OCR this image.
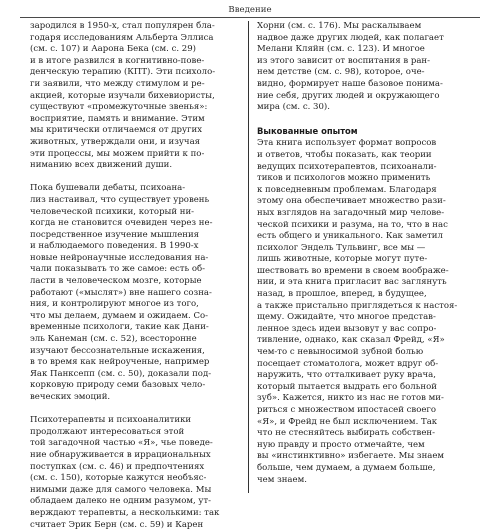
Введение
зародился в 1950-х, стал популярен бла-
годаря исследованиям Альберта Эллиса
(см. с. 107) и Аарона Бека (см. с. 29)
и в итоге развился в когнитивно-пове-
денческую терапию (КПТ). Эти психоло-
ги заявили, что между стимулом и ре-
акцией, которые изучали бихевиористы,
существуют «промежуточные звенья»:
восприятие, память и внимание. Этим
мы критически отличаемся от других
животных, утверждали они, и изучая
эти процессы, мы можем прийти к по-
ниманию всех движений души.
Пока бушевали дебаты, психоана-
лиз настаивал, что существует уровень
человеческой психики, который ни-
когда не становится очевиден через не-
посредственное изучение мышления
и наблюдаемого поведения. В 1990-х
новые нейронаучные исследования на-
чали показывать то же самое: есть об-
ласти в человеческом мозге, которые
работают («мыслят») вне нашего созна-
ния, и контролируют многое из того,
что мы делаем, думаем и ожидаем. Со-
временные психологи, такие как Дани-
эль Канеман (см. с. 52), всесторонне
изучают бессознательные искажения,
в то время как нейроученые, например
Яак Панксепп (см. с. 50), доказали под-
корковую природу семи базовых чело-
веческих эмоций.
Психотерапевты и психоаналитики
продолжают интересоваться этой
той загадочной частью «Я», чье поведе-
ние обнаруживается в иррациональных
поступках (см. с. 46) и предпочтениях
(см. с. 150), которые кажутся необъяс-
нимыми даже для самого человека. Мы
обладаем далеко не одним разумом, ут-
верждают терапевты, а несколькими: так
считает Эрик Берн (см. с. 59) и Карен
Хорни (см. с. 176). Мы раскалываем
надвое даже других людей, как полагает
Мелани Кляйн (см. с. 123). И многое
из этого зависит от воспитания в ран-
нем детстве (см. с. 98), которое, оче-
видно, формирует наше базовое понима-
ние себя, других людей и окружающего
мира (см. с. 30).
Выкованные опытом
Эта книга использует формат вопросов
и ответов, чтобы показать, как теории
ведущих психотерапевтов, психоанали-
тиков и психологов можно применить
к повседневным проблемам. Благодаря
этому она обеспечивает множество рази-
ных взглядов на загадочный мир челове-
ческой психики и разума, на то, что в нас
есть общего и уникального. Как заметил
психолог Эндель Тульвинг, все мы —
лишь животные, которые могут путе-
шествовать во времени в своем воображе-
нии, и эта книга пригласит вас заглянуть
назад, в прошлое, вперед, в будущее,
а также пристально приглядеться к настоя-
щему. Ожидайте, что многое представ-
ленное здесь идеи вызовут у вас сопро-
тивление, однако, как сказал Фрейд, «Я»
чем-то с невыносимой зубной болью
посещает стоматолога, может вдруг об-
наружить, что отталкивает руку врача,
который пытается выдрать его больной
зуб». Кажется, никто из нас не готов ми-
риться с множеством ипостасей своего
«Я», и Фрейд не был исключением. Так
что не стесняйтесь выбирать собствен-
ную правду и просто отмечайте, чем
вы «инстинктивно» избегаете. Мы знаем
больше, чем думаем, а думаем больше,
чем знаем.
